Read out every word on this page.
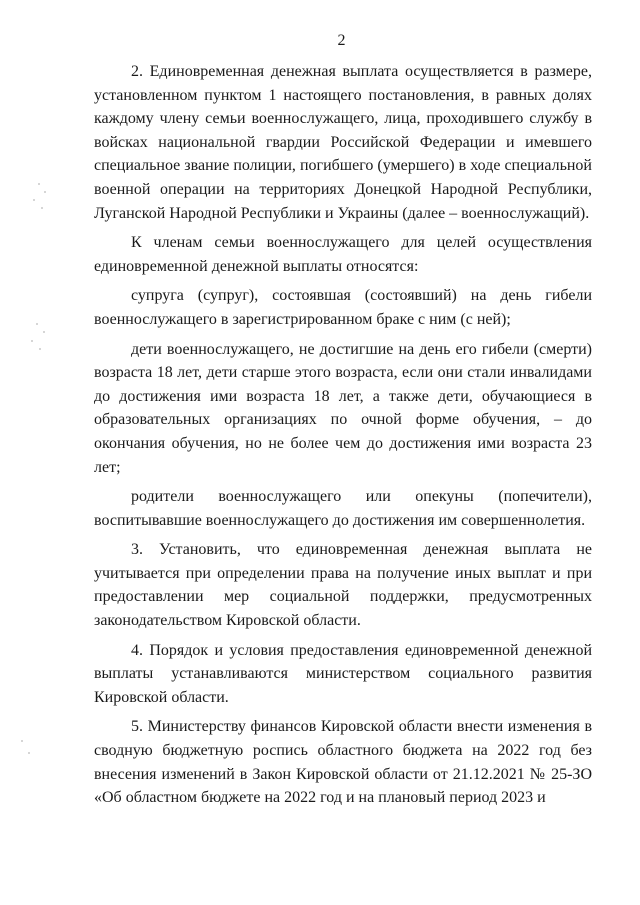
2

2. Единовременная денежная выплата осуществляется в размере, установленном пунктом 1 настоящего постановления, в равных долях каждому члену семьи военнослужащего, лица, проходившего службу в войсках национальной гвардии Российской Федерации и имевшего специальное звание полиции, погибшего (умершего) в ходе специальной военной операции на территориях Донецкой Народной Республики, Луганской Народной Республики и Украины (далее – военнослужащий).

К членам семьи военнослужащего для целей осуществления единовременной денежной выплаты относятся:

супруга (супруг), состоявшая (состоявший) на день гибели военнослужащего в зарегистрированном браке с ним (с ней);

дети военнослужащего, не достигшие на день его гибели (смерти) возраста 18 лет, дети старше этого возраста, если они стали инвалидами до достижения ими возраста 18 лет, а также дети, обучающиеся в образовательных организациях по очной форме обучения, – до окончания обучения, но не более чем до достижения ими возраста 23 лет;

родители военнослужащего или опекуны (попечители), воспитывавшие военнослужащего до достижения им совершеннолетия.

3. Установить, что единовременная денежная выплата не учитывается при определении права на получение иных выплат и при предоставлении мер социальной поддержки, предусмотренных законодательством Кировской области.

4. Порядок и условия предоставления единовременной денежной выплаты устанавливаются министерством социального развития Кировской области.

5. Министерству финансов Кировской области внести изменения в сводную бюджетную роспись областного бюджета на 2022 год без внесения изменений в Закон Кировской области от 21.12.2021 № 25-ЗО «Об областном бюджете на 2022 год и на плановый период 2023 и
